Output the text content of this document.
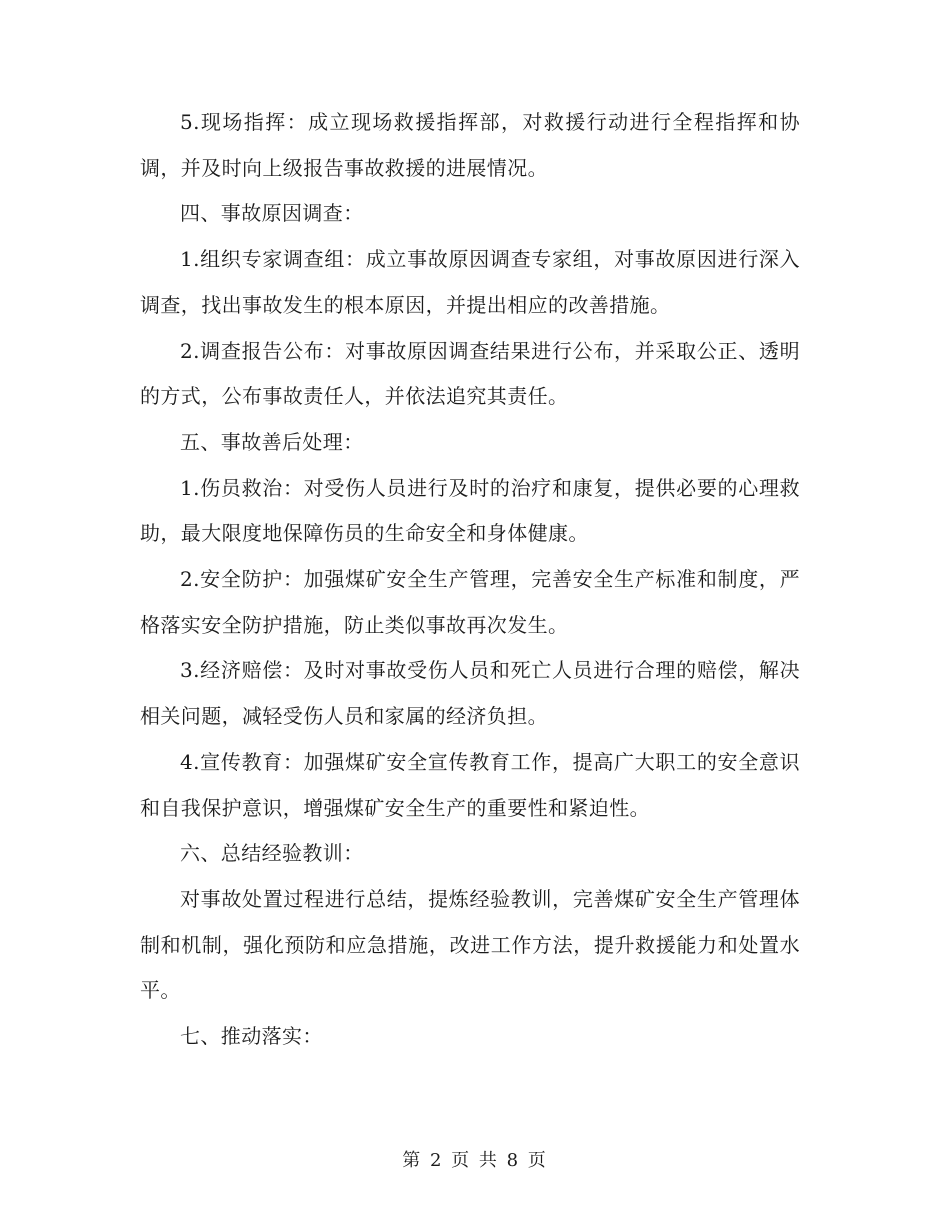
5.现场指挥：成立现场救援指挥部，对救援行动进行全程指挥和协调，并及时向上级报告事故救援的进展情况。

四、事故原因调查：

1.组织专家调查组：成立事故原因调查专家组，对事故原因进行深入调查，找出事故发生的根本原因，并提出相应的改善措施。

2.调查报告公布：对事故原因调查结果进行公布，并采取公正、透明的方式，公布事故责任人，并依法追究其责任。

五、事故善后处理：

1.伤员救治：对受伤人员进行及时的治疗和康复，提供必要的心理救助，最大限度地保障伤员的生命安全和身体健康。

2.安全防护：加强煤矿安全生产管理，完善安全生产标准和制度，严格落实安全防护措施，防止类似事故再次发生。

3.经济赔偿：及时对事故受伤人员和死亡人员进行合理的赔偿，解决相关问题，减轻受伤人员和家属的经济负担。

4.宣传教育：加强煤矿安全宣传教育工作，提高广大职工的安全意识和自我保护意识，增强煤矿安全生产的重要性和紧迫性。

六、总结经验教训：

对事故处置过程进行总结，提炼经验教训，完善煤矿安全生产管理体制和机制，强化预防和应急措施，改进工作方法，提升救援能力和处置水平。

七、推动落实：

第 2 页 共 8 页
